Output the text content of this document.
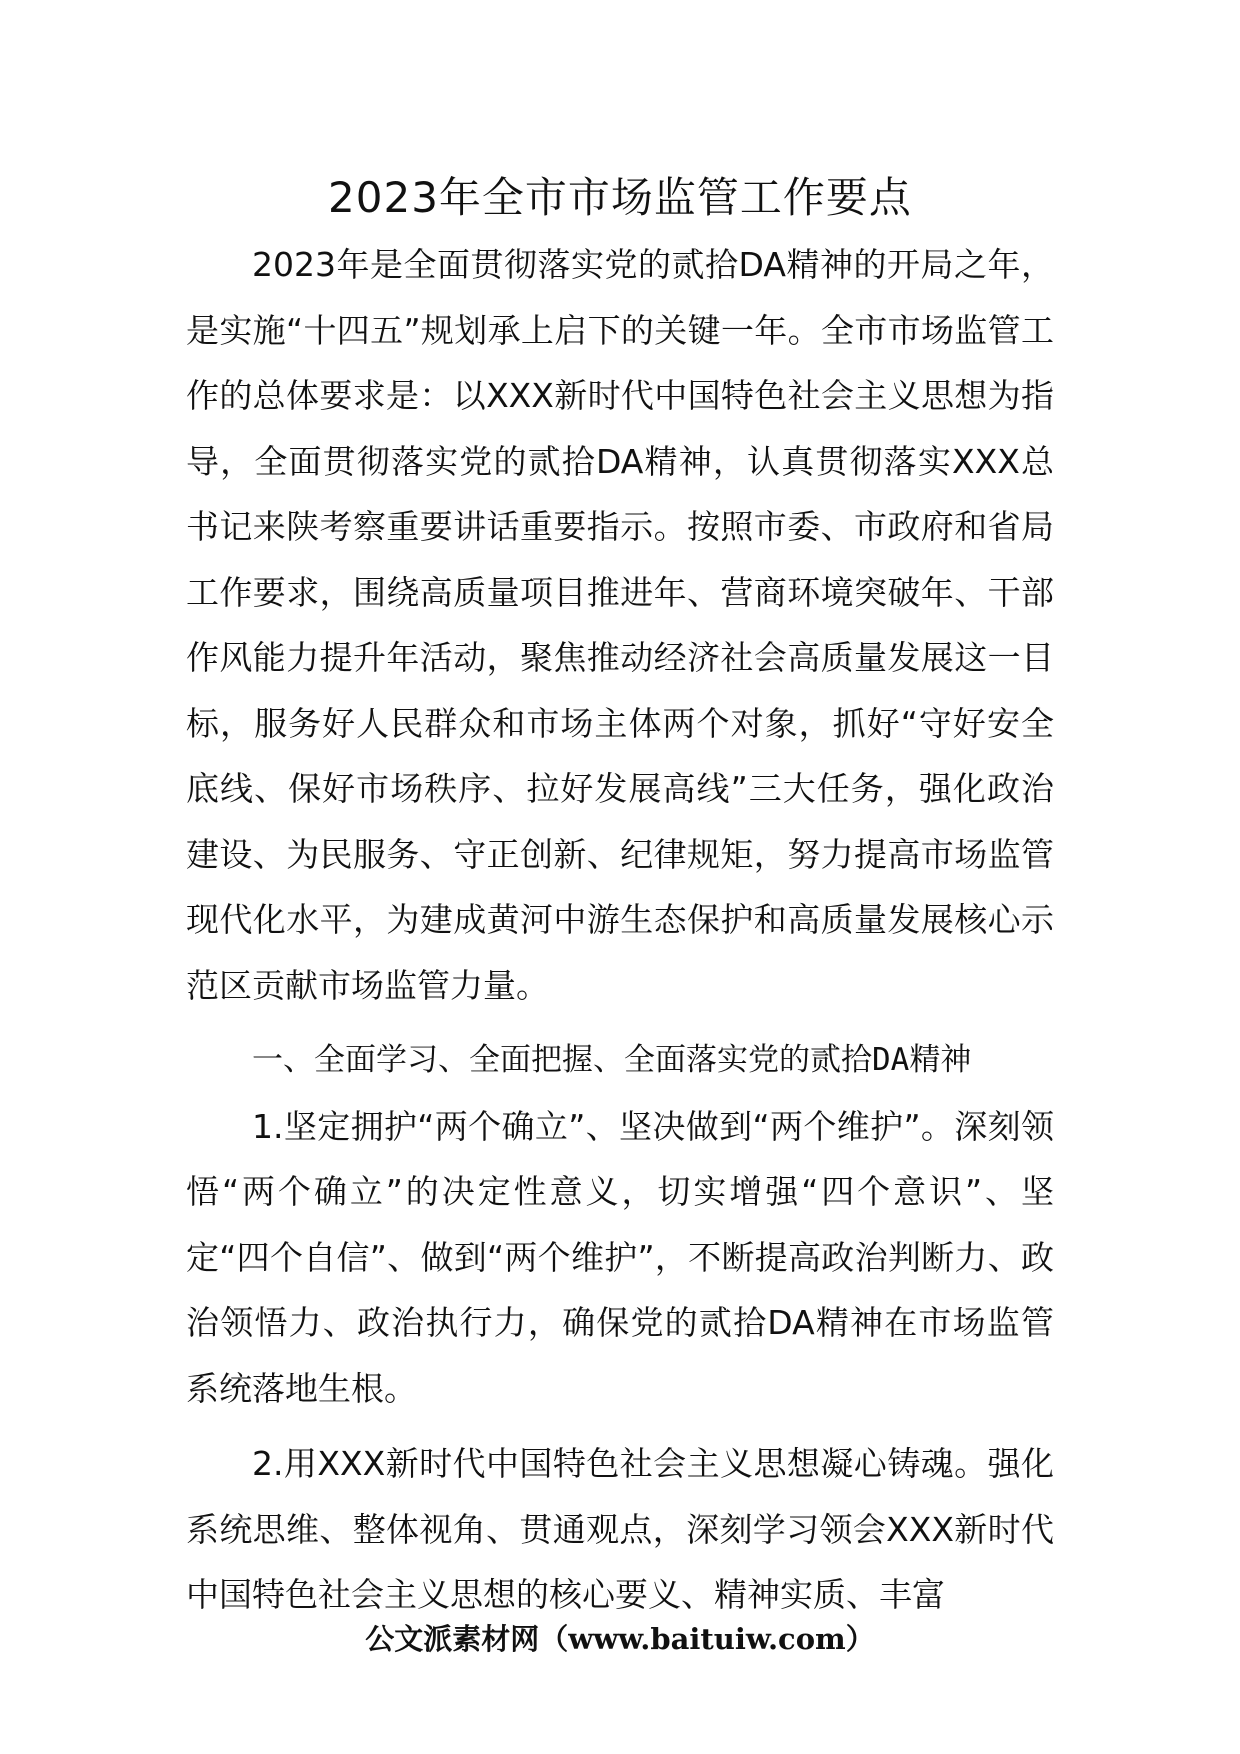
2023年全市市场监管工作要点

2023年是全面贯彻落实党的贰拾DA精神的开局之年，是实施“十四五”规划承上启下的关键一年。全市市场监管工作的总体要求是：以XXX新时代中国特色社会主义思想为指导，全面贯彻落实党的贰拾DA精神，认真贯彻落实XXX总书记来陕考察重要讲话重要指示。按照市委、市政府和省局工作要求，围绕高质量项目推进年、营商环境突破年、干部作风能力提升年活动，聚焦推动经济社会高质量发展这一目标，服务好人民群众和市场主体两个对象，抓好“守好安全底线、保好市场秩序、拉好发展高线”三大任务，强化政治建设、为民服务、守正创新、纪律规矩，努力提高市场监管现代化水平，为建成黄河中游生态保护和高质量发展核心示范区贡献市场监管力量。

一、全面学习、全面把握、全面落实党的贰拾DA精神

1.坚定拥护“两个确立”、坚决做到“两个维护”。深刻领悟“两个确立”的决定性意义，切实增强“四个意识”、坚定“四个自信”、做到“两个维护”，不断提高政治判断力、政治领悟力、政治执行力，确保党的贰拾DA精神在市场监管系统落地生根。

2.用XXX新时代中国特色社会主义思想凝心铸魂。强化系统思维、整体视角、贯通观点，深刻学习领会XXX新时代中国特色社会主义思想的核心要义、精神实质、丰富

公文派素材网（www.baituiw.com）
